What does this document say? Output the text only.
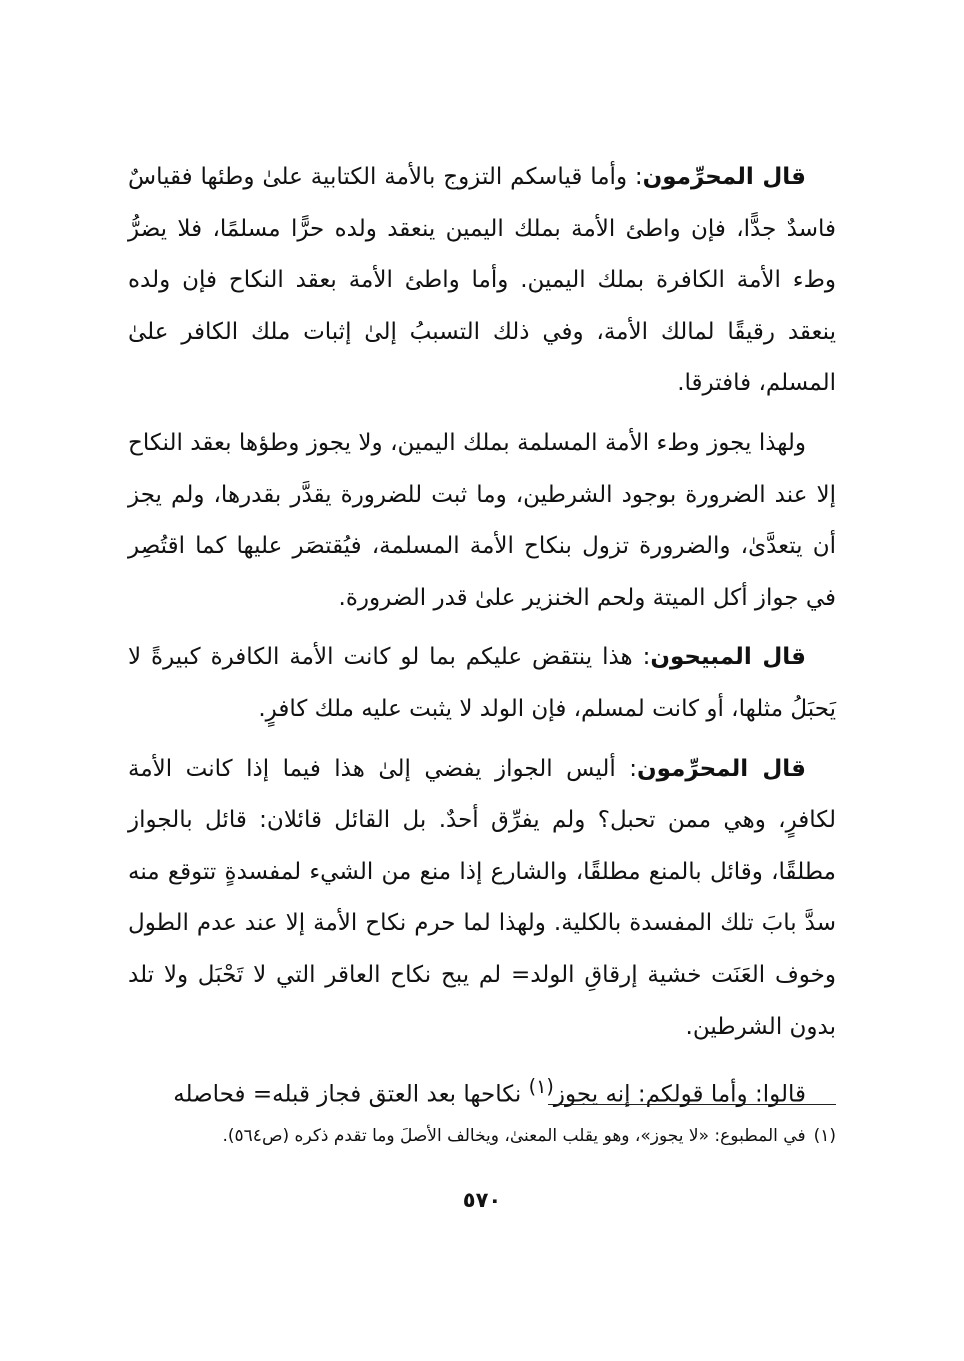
قال المحرِّمون: وأما قياسكم التزوج بالأمة الكتابية علىٰ وطئها فقياسٌ فاسدٌ جدًّا، فإن واطئ الأمة بملك اليمين ينعقد ولده حرًّا مسلمًا، فلا يضرُّ وطء الأمة الكافرة بملك اليمين. وأما واطئ الأمة بعقد النكاح فإن ولده ينعقد رقيقًا لمالك الأمة، وفي ذلك التسببُ إلىٰ إثبات ملك الكافر علىٰ المسلم، فافترقا.

ولهذا يجوز وطء الأمة المسلمة بملك اليمين، ولا يجوز وطؤها بعقد النكاح إلا عند الضرورة بوجود الشرطين، وما ثبت للضرورة يقدَّر بقدرها، ولم يجز أن يتعدَّىٰ، والضرورة تزول بنكاح الأمة المسلمة، فيُقتصَر عليها كما اقتُصِر في جواز أكل الميتة ولحم الخنزير علىٰ قدر الضرورة.

قال المبيحون: هذا ينتقض عليكم بما لو كانت الأمة الكافرة كبيرةً لا يَحبَلُ مثلها، أو كانت لمسلم، فإن الولد لا يثبت عليه ملك كافرٍ.

قال المحرِّمون: أليس الجواز يفضي إلىٰ هذا فيما إذا كانت الأمة لكافرٍ، وهي ممن تحبل؟ ولم يفرِّق أحدٌ. بل القائل قائلان: قائل بالجواز مطلقًا، وقائل بالمنع مطلقًا، والشارع إذا منع من الشيء لمفسدةٍ تتوقع منه سدَّ بابَ تلك المفسدة بالكلية. ولهذا لما حرم نكاح الأمة إلا عند عدم الطول وخوف العَنَت خشية إرقاقِ الولد= لم يبح نكاح العاقر التي لا تَحْبَل ولا تلد بدون الشرطين.

قالوا: وأما قولكم: إنه يجوز$^{(١)}$ نكاحها بعد العتق فجاز قبله= فحاصله

(١)في المطبوع: «لا يجوز»، وهو يقلب المعنىٰ، ويخالف الأصلَ وما تقدم ذكره (ص٥٦٤).
٥٧٠
